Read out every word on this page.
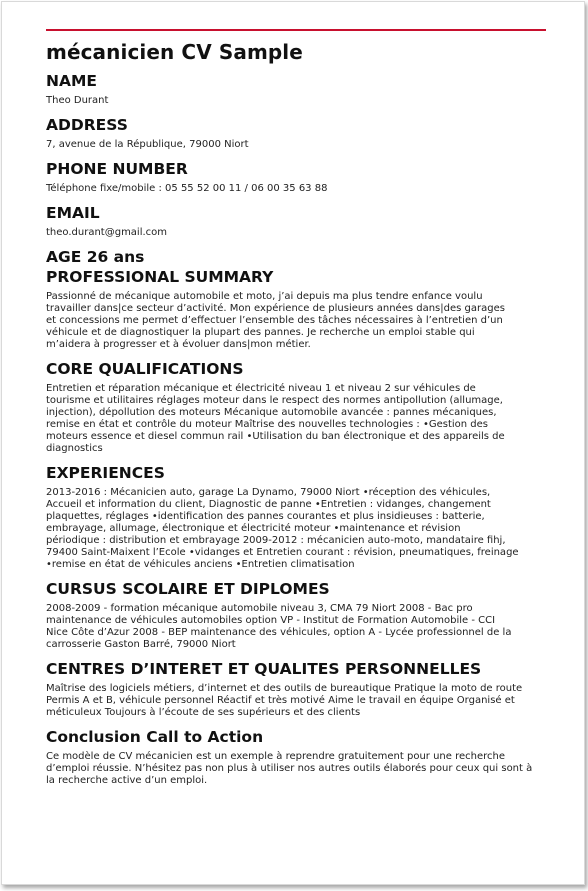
mécanicien CV Sample
NAME
Theo Durant
ADDRESS
7, avenue de la République, 79000 Niort
PHONE NUMBER
Téléphone fixe/mobile : 05 55 52 00 11 / 06 00 35 63 88
EMAIL
theo.durant@gmail.com
AGE 26 ans
PROFESSIONAL SUMMARY
Passionné de mécanique automobile et moto, j’ai depuis ma plus tendre enfance voulu
travailler dans|ce secteur d’activité. Mon expérience de plusieurs années dans|des garages
et concessions me permet d’effectuer l’ensemble des tâches nécessaires à l’entretien d’un
véhicule et de diagnostiquer la plupart des pannes. Je recherche un emploi stable qui
m’aidera à progresser et à évoluer dans|mon métier.
CORE QUALIFICATIONS
Entretien et réparation mécanique et électricité niveau 1 et niveau 2 sur véhicules de
tourisme et utilitaires réglages moteur dans le respect des normes antipollution (allumage,
injection), dépollution des moteurs Mécanique automobile avancée : pannes mécaniques,
remise en état et contrôle du moteur Maîtrise des nouvelles technologies : •Gestion des
moteurs essence et diesel commun rail •Utilisation du ban électronique et des appareils de
diagnostics
EXPERIENCES
2013-2016 : Mécanicien auto, garage La Dynamo, 79000 Niort •réception des véhicules,
Accueil et information du client, Diagnostic de panne •Entretien : vidanges, changement
plaquettes, réglages •identification des pannes courantes et plus insidieuses : batterie,
embrayage, allumage, électronique et électricité moteur •maintenance et révision
périodique : distribution et embrayage 2009-2012 : mécanicien auto-moto, mandataire fihj,
79400 Saint-Maixent l’Ecole •vidanges et Entretien courant : révision, pneumatiques, freinage
•remise en état de véhicules anciens •Entretien climatisation
CURSUS SCOLAIRE ET DIPLOMES
2008-2009 - formation mécanique automobile niveau 3, CMA 79 Niort 2008 - Bac pro
maintenance de véhicules automobiles option VP - Institut de Formation Automobile - CCI
Nice Côte d’Azur 2008 - BEP maintenance des véhicules, option A - Lycée professionnel de la
carrosserie Gaston Barré, 79000 Niort
CENTRES D’INTERET ET QUALITES PERSONNELLES
Maîtrise des logiciels métiers, d’internet et des outils de bureautique Pratique la moto de route
Permis A et B, véhicule personnel Réactif et très motivé Aime le travail en équipe Organisé et
méticuleux Toujours à l’écoute de ses supérieurs et des clients
Conclusion Call to Action
Ce modèle de CV mécanicien est un exemple à reprendre gratuitement pour une recherche
d’emploi réussie. N’hésitez pas non plus à utiliser nos autres outils élaborés pour ceux qui sont à
la recherche active d’un emploi.
